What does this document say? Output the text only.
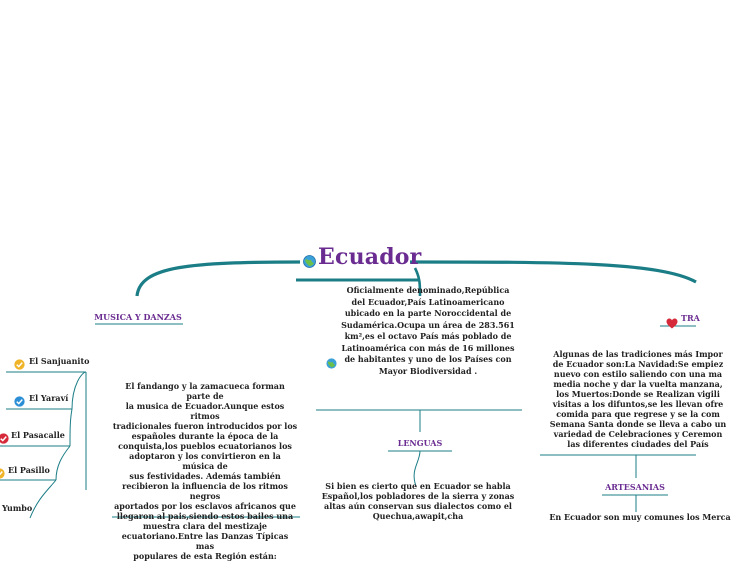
Ecuador
MUSICA Y DANZAS
El fandango y la zamacueca forman parte de
la musica de Ecuador.Aunque estos ritmos
tradicionales fueron introducidos por los
españoles durante la época de la
conquista,los pueblos ecuatorianos los
adoptaron y los convirtieron en la música de
sus festividades. Además también
recibieron la influencia de los ritmos negros
aportados por los esclavos africanos que
llegaron al pais,siendo estos bailes una
muestra clara del mestizaje
ecuatoriano.Entre las Danzas Típicas mas
populares de esta Región están:
El Sanjuanito
El Yaraví
El Pasacalle
El Pasillo
Yumbo
Oficialmente denominado,República
del Ecuador,País Latinoamericano
ubicado en la parte Noroccidental de
Sudamérica.Ocupa un área de 283.561
km²,es el octavo País más poblado de
Latinoamérica con más de 16 millones
de habitantes y uno de los Países con
Mayor Biodiversidad .
LENGUAS
Si bien es cierto que en Ecuador se habla
Español,los pobladores de la sierra y zonas
altas aún conservan sus dialectos como el
Quechua,awapit,cha
TRA
Algunas de las tradiciones más Impor
de Ecuador son:La Navidad:Se empiez
nuevo con estilo saliendo con una ma
media noche y dar la vuelta manzana,
los Muertos:Donde se Realizan vigili
visitas a los difuntos,se les llevan ofre
comida para que regrese y se la com
Semana Santa donde se lleva a cabo un
variedad de Celebraciones y Ceremon
las diferentes ciudades del País
ARTESANIAS
En Ecuador son muy comunes los Merca
